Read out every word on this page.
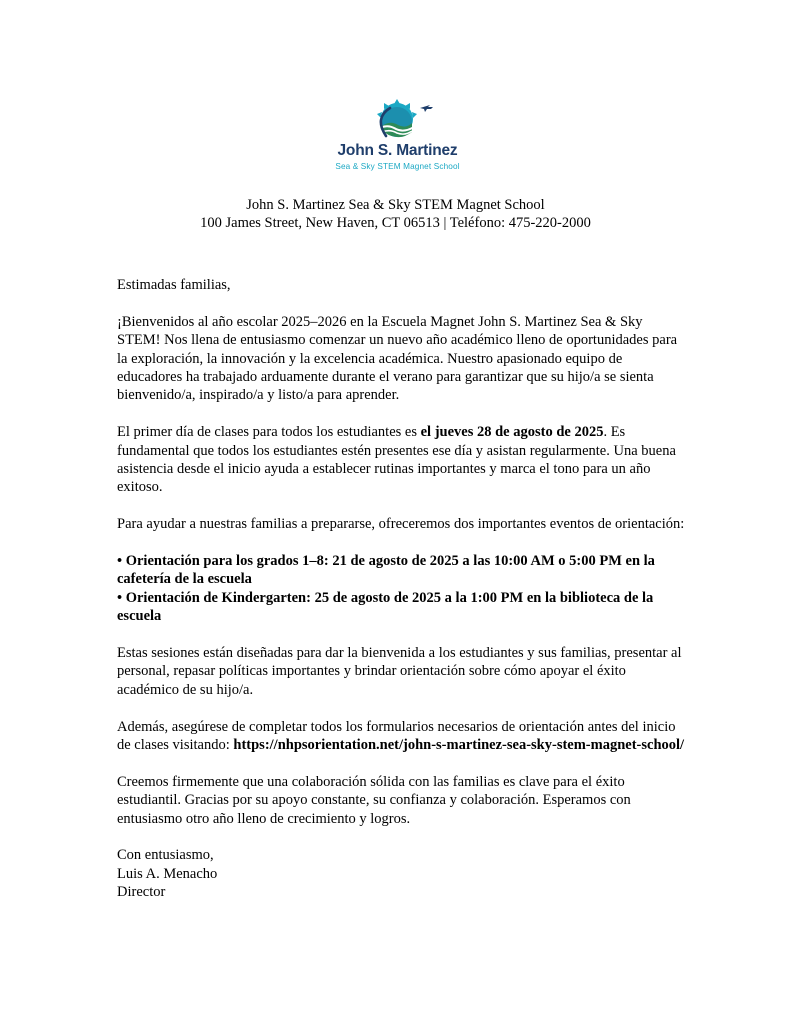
John S. Martinez
Sea & Sky STEM Magnet School
John S. Martinez Sea & Sky STEM Magnet School
100 James Street, New Haven, CT 06513 | Teléfono: 475-220-2000

Estimadas familias,

¡Bienvenidos al año escolar 2025–2026 en la Escuela Magnet John S. Martinez Sea & Sky STEM! Nos llena de entusiasmo comenzar un nuevo año académico lleno de oportunidades para la exploración, la innovación y la excelencia académica. Nuestro apasionado equipo de educadores ha trabajado arduamente durante el verano para garantizar que su hijo/a se sienta bienvenido/a, inspirado/a y listo/a para aprender.

El primer día de clases para todos los estudiantes es el jueves 28 de agosto de 2025. Es fundamental que todos los estudiantes estén presentes ese día y asistan regularmente. Una buena asistencia desde el inicio ayuda a establecer rutinas importantes y marca el tono para un año exitoso.

Para ayudar a nuestras familias a prepararse, ofreceremos dos importantes eventos de orientación:

• Orientación para los grados 1–8: 21 de agosto de 2025 a las 10:00 AM o 5:00 PM en la cafetería de la escuela
• Orientación de Kindergarten: 25 de agosto de 2025 a la 1:00 PM en la biblioteca de la escuela

Estas sesiones están diseñadas para dar la bienvenida a los estudiantes y sus familias, presentar al personal, repasar políticas importantes y brindar orientación sobre cómo apoyar el éxito académico de su hijo/a.

Además, asegúrese de completar todos los formularios necesarios de orientación antes del inicio de clases visitando: https://nhpsorientation.net/john-s-martinez-sea-sky-stem-magnet-school/

Creemos firmemente que una colaboración sólida con las familias es clave para el éxito estudiantil. Gracias por su apoyo constante, su confianza y colaboración. Esperamos con entusiasmo otro año lleno de crecimiento y logros.

Con entusiasmo,
Luis A. Menacho
Director
